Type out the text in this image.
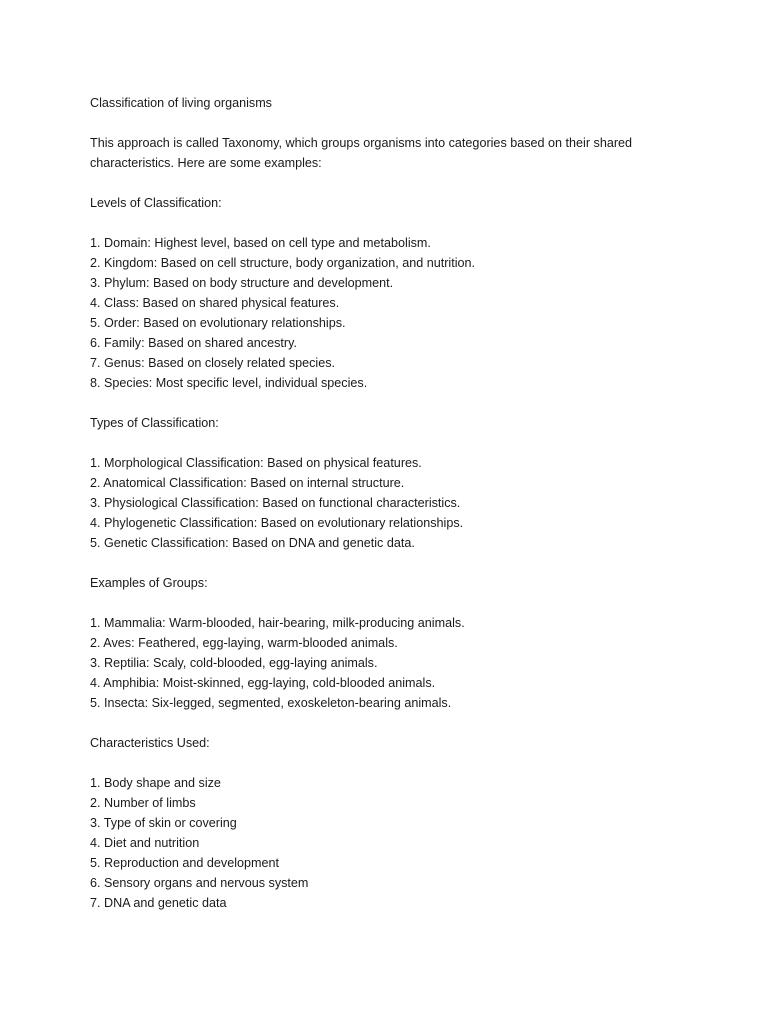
Classification of living organisms

This approach is called Taxonomy, which groups organisms into categories based on their shared characteristics. Here are some examples:

Levels of Classification:

1. Domain: Highest level, based on cell type and metabolism.
2. Kingdom: Based on cell structure, body organization, and nutrition.
3. Phylum: Based on body structure and development.
4. Class: Based on shared physical features.
5. Order: Based on evolutionary relationships.
6. Family: Based on shared ancestry.
7. Genus: Based on closely related species.
8. Species: Most specific level, individual species.

Types of Classification:

1. Morphological Classification: Based on physical features.
2. Anatomical Classification: Based on internal structure.
3. Physiological Classification: Based on functional characteristics.
4. Phylogenetic Classification: Based on evolutionary relationships.
5. Genetic Classification: Based on DNA and genetic data.

Examples of Groups:

1. Mammalia: Warm-blooded, hair-bearing, milk-producing animals.
2. Aves: Feathered, egg-laying, warm-blooded animals.
3. Reptilia: Scaly, cold-blooded, egg-laying animals.
4. Amphibia: Moist-skinned, egg-laying, cold-blooded animals.
5. Insecta: Six-legged, segmented, exoskeleton-bearing animals.

Characteristics Used:

1. Body shape and size
2. Number of limbs
3. Type of skin or covering
4. Diet and nutrition
5. Reproduction and development
6. Sensory organs and nervous system
7. DNA and genetic data
